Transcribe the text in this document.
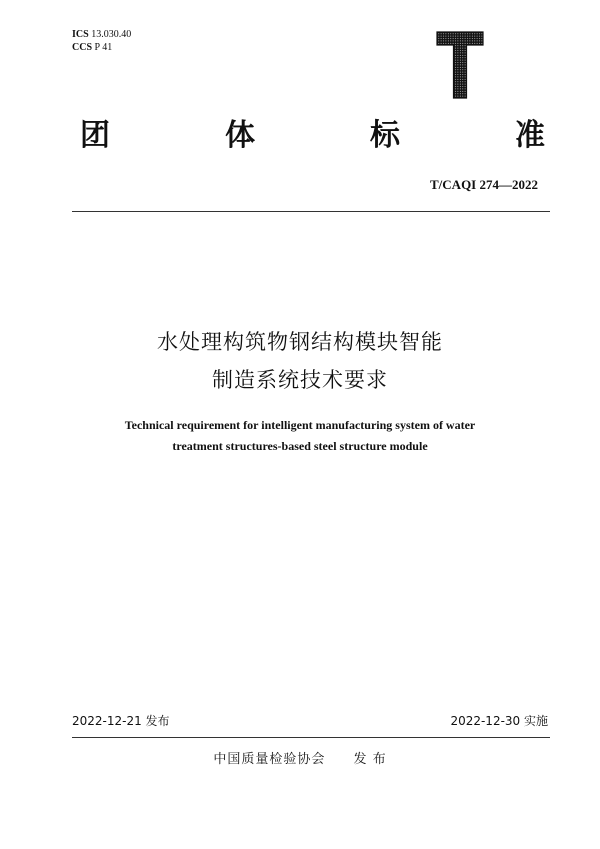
ICS 13.030.40
CCS P 41
团	体	标	准
T/CAQI 274—2022
水处理构筑物钢结构模块智能
制造系统技术要求
Technical requirement for intelligent manufacturing system of water
treatment structures-based steel structure module
2022-12-21 发布	2022-12-30 实施
中国质量检验协会 发 布
